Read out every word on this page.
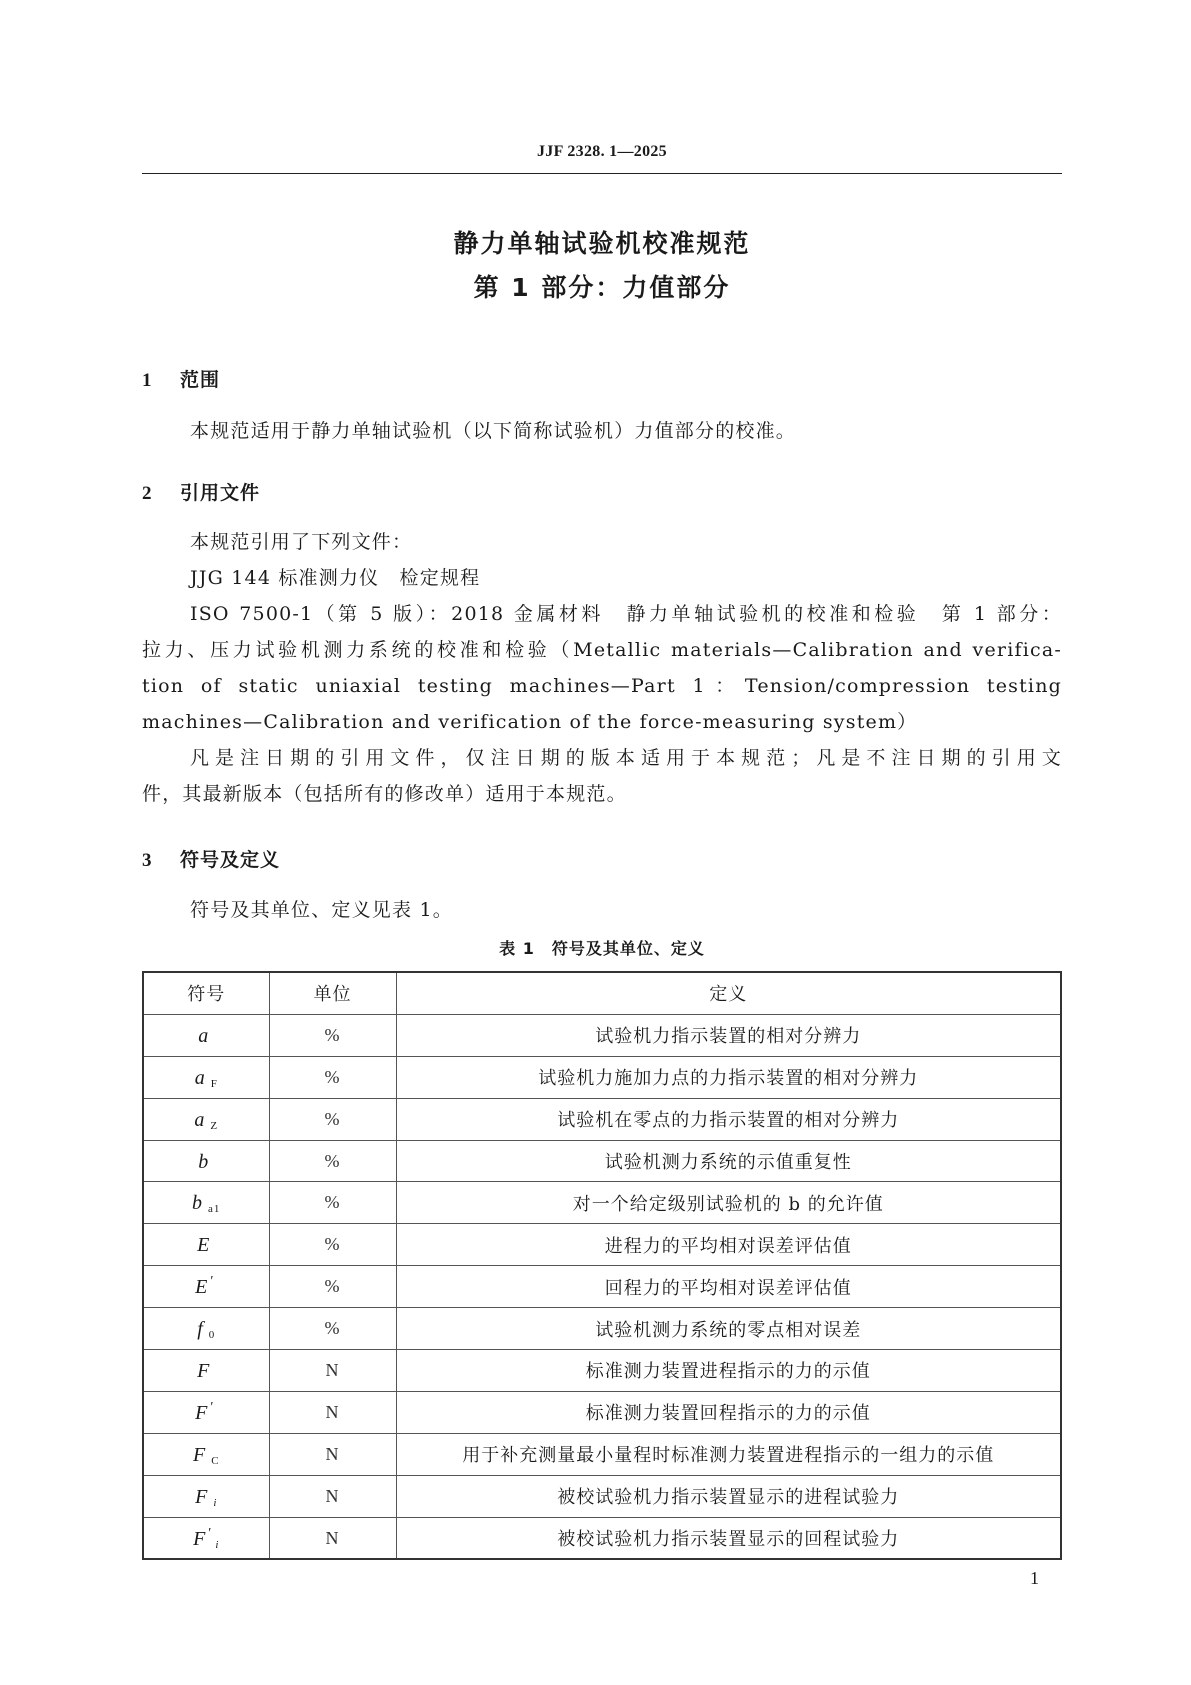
JJF 2328. 1—2025
静力单轴试验机校准规范
第 1 部分：力值部分
1 范围
本规范适用于静力单轴试验机（以下简称试验机）力值部分的校准。
2 引用文件
本规范引用了下列文件：
JJG 144 标准测力仪　检定规程
ISO 7500-1（第 5 版）：2018 金属材料　静力单轴试验机的校准和检验　第 1 部分：
拉力、压力试验机测力系统的校准和检验（Metallic materials—Calibration and verifica-
tion of static uniaxial testing machines—Part 1：Tension/compression testing
machines—Calibration and verification of the force-measuring system）
凡是注日期的引用文件，仅注日期的版本适用于本规范；凡是不注日期的引用文
件，其最新版本（包括所有的修改单）适用于本规范。
3 符号及定义
符号及其单位、定义见表 1。
表 1　符号及其单位、定义
符号	单位	定义
a	%	试验机力指示装置的相对分辨力
a $_F$	%	试验机力施加力点的力指示装置的相对分辨力
a $_Z$	%	试验机在零点的力指示装置的相对分辨力
b	%	试验机测力系统的示值重复性
b $_{a1}$	%	对一个给定级别试验机的 b 的允许值
E	%	进程力的平均相对误差评估值
E ′	%	回程力的平均相对误差评估值
f $_0$	%	试验机测力系统的零点相对误差
F	N	标准测力装置进程指示的力的示值
F ′	N	标准测力装置回程指示的力的示值
F $_C$	N	用于补充测量最小量程时标准测力装置进程指示的一组力的示值
F $_i$	N	被校试验机力指示装置显示的进程试验力
F ′$_i$	N	被校试验机力指示装置显示的回程试验力
1
